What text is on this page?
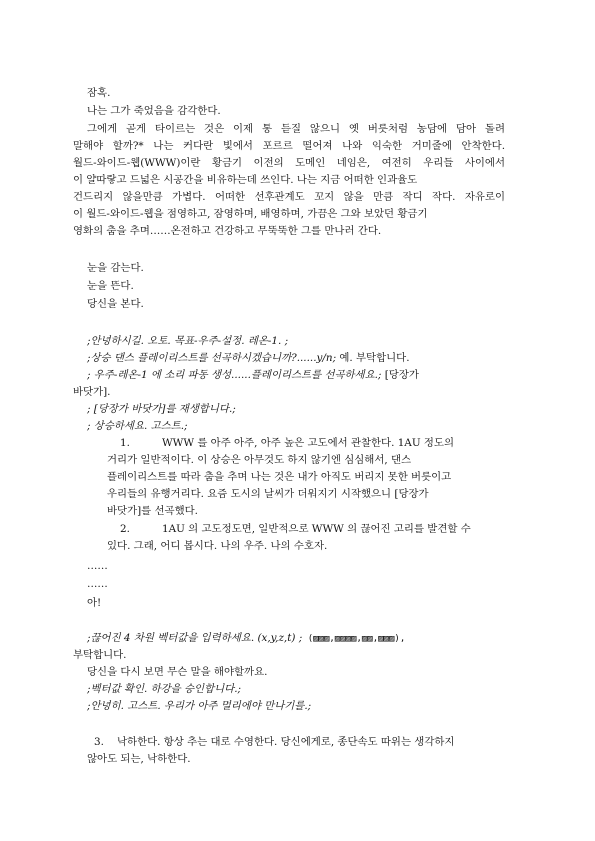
잠혹.

나는 그가 죽었음을 감각한다.

그에게 곧게 타이르는 것은 이제 통 듣질 않으니 옛 버릇처럼 농담에 담아 돌려

말해야 할까?* 나는 커다란 빛에서 포르르 떨어져 나와 익숙한 거미줄에 안착한다.

월드-와이드-웹(WWW)이란 황금기 이전의 도메인 네임은, 여전히 우리들 사이에서

이 얄따랗고 드넓은 시공간을 비유하는데 쓰인다. 나는 지금 어떠한 인과율도

건드리지 않을만큼 가볍다. 어떠한 선후관계도 꼬지 않을 만큼 작디 작다. 자유로이

이 월드-와이드-웹을 점영하고, 잠영하며, 배영하며, 가끔은 그와 보았던 황금기

영화의 춤을 추며……온전하고 건강하고 무뚝뚝한 그를 만나러 간다.

눈을 감는다.

눈을 뜬다.

당신을 본다.

;안녕하시길. 오토. 목표-우주-설정. 레온-1. ;

;상승 댄스 플레이리스트를 선곡하시겠습니까?......y/n; 예. 부탁합니다.

; 우주-레온-1 에 소리 파동 생성......플레이리스트를 선곡하세요.; [당장가

바닷가].

; [당장가 바닷가]를 재생합니다.;

; 상승하세요. 고스트.;

1.	WWW 를 아주 아주, 아주 높은 고도에서 관찰한다. 1AU 정도의

거리가 일반적이다. 이 상승은 아무것도 하지 않기엔 심심해서, 댄스

플레이리스트를 따라 춤을 추며 나는 것은 내가 아직도 버리지 못한 버릇이고

우리들의 유행거리다. 요즘 도시의 날씨가 더워지기 시작했으니 [당장가

바닷가]를 선곡했다.

2.	1AU 의 고도정도면, 일반적으로 WWW 의 끊어진 고리를 발견할 수

있다. 그래, 어디 봅시다. 나의 우주. 나의 수호자.

……

……

아!

;끊어진 4 차원 벡터값을 입력하세요. (x,y,z,t) ; (▨▨▨,▨▨▨▨,▨▨,▨▨▨),

부탁합니다.

당신을 다시 보면 무슨 말을 해야할까요.

;벡터값 확인. 하강을 승인합니다.;

;안녕히. 고스트. 우리가 아주 멀리에야 만나기를.;

3. 낙하한다. 항상 추는 대로 수영한다. 당신에게로, 종단속도 따위는 생각하지

않아도 되는, 낙하한다.
